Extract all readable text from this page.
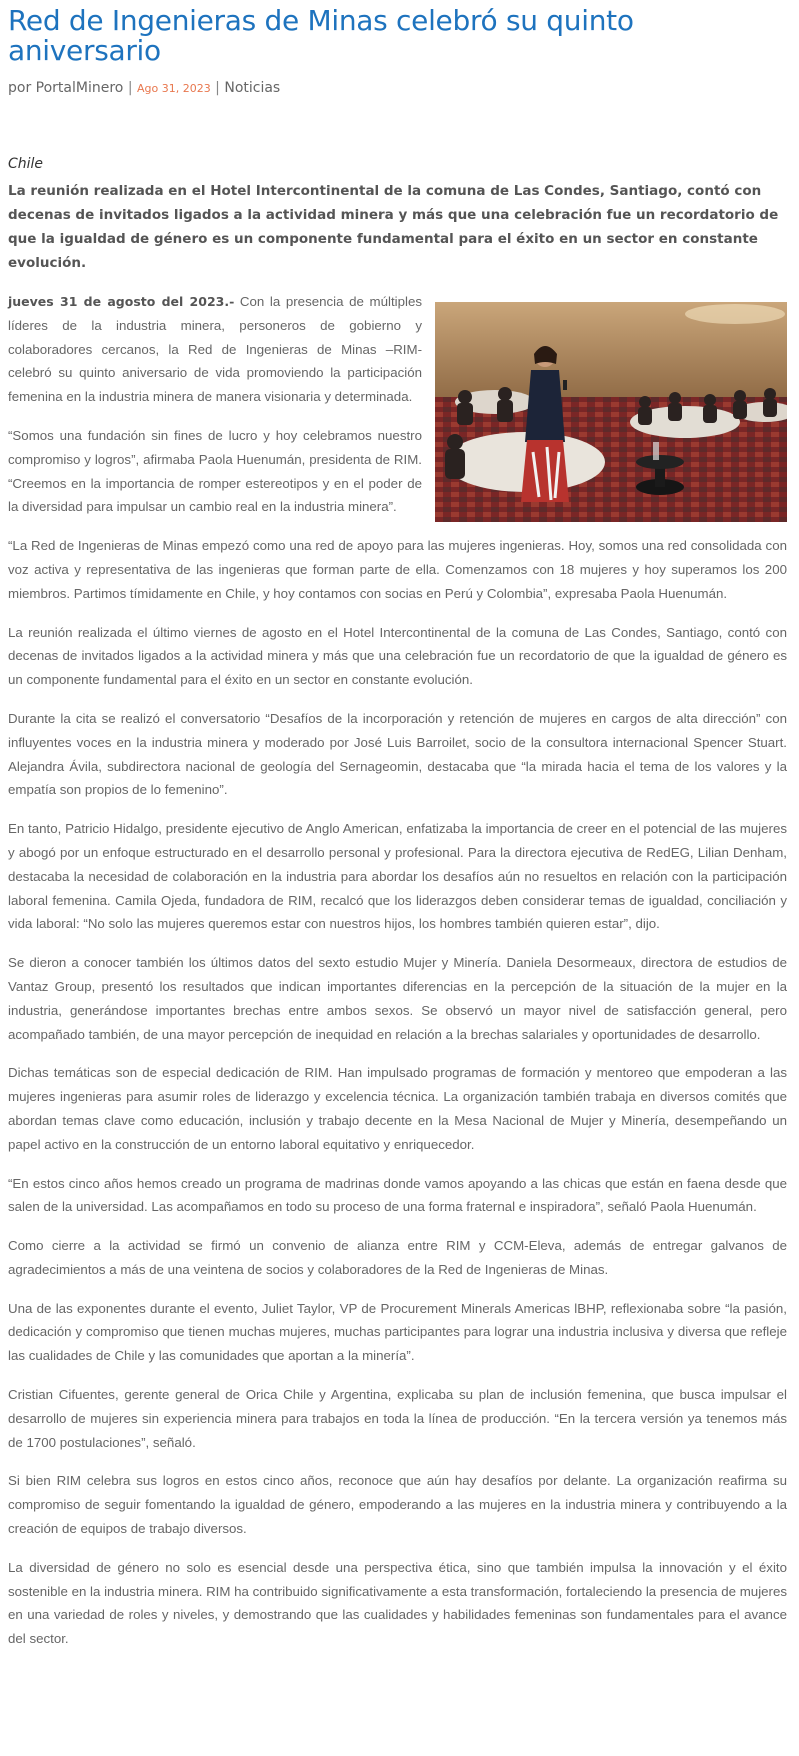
Red de Ingenieras de Minas celebró su quinto aniversario
por PortalMinero | Ago 31, 2023 | Noticias
Chile
La reunión realizada en el Hotel Intercontinental de la comuna de Las Condes, Santiago, contó con decenas de invitados ligados a la actividad minera y más que una celebración fue un recordatorio de que la igualdad de género es un componente fundamental para el éxito en un sector en constante evolución.

jueves 31 de agosto del 2023.- Con la presencia de múltiples líderes de la industria minera, personeros de gobierno y colaboradores cercanos, la Red de Ingenieras de Minas –RIM- celebró su quinto aniversario de vida promoviendo la participación femenina en la industria minera de manera visionaria y determinada.

“Somos una fundación sin fines de lucro y hoy celebramos nuestro compromiso y logros”, afirmaba Paola Huenumán, presidenta de RIM. “Creemos en la importancia de romper estereotipos y en el poder de la diversidad para impulsar un cambio real en la industria minera”.

“La Red de Ingenieras de Minas empezó como una red de apoyo para las mujeres ingenieras. Hoy, somos una red consolidada con voz activa y representativa de las ingenieras que forman parte de ella. Comenzamos con 18 mujeres y hoy superamos los 200 miembros. Partimos tímidamente en Chile, y hoy contamos con socias en Perú y Colombia”, expresaba Paola Huenumán.

La reunión realizada el último viernes de agosto en el Hotel Intercontinental de la comuna de Las Condes, Santiago, contó con decenas de invitados ligados a la actividad minera y más que una celebración fue un recordatorio de que la igualdad de género es un componente fundamental para el éxito en un sector en constante evolución.

Durante la cita se realizó el conversatorio “Desafíos de la incorporación y retención de mujeres en cargos de alta dirección” con influyentes voces en la industria minera y moderado por José Luis Barroilet, socio de la consultora internacional Spencer Stuart. Alejandra Ávila, subdirectora nacional de geología del Sernageomin, destacaba que “la mirada hacia el tema de los valores y la empatía son propios de lo femenino”.

En tanto, Patricio Hidalgo, presidente ejecutivo de Anglo American, enfatizaba la importancia de creer en el potencial de las mujeres y abogó por un enfoque estructurado en el desarrollo personal y profesional. Para la directora ejecutiva de RedEG, Lilian Denham, destacaba la necesidad de colaboración en la industria para abordar los desafíos aún no resueltos en relación con la participación laboral femenina. Camila Ojeda, fundadora de RIM, recalcó que los liderazgos deben considerar temas de igualdad, conciliación y vida laboral: “No solo las mujeres queremos estar con nuestros hijos, los hombres también quieren estar”, dijo.

Se dieron a conocer también los últimos datos del sexto estudio Mujer y Minería. Daniela Desormeaux, directora de estudios de Vantaz Group, presentó los resultados que indican importantes diferencias en la percepción de la situación de la mujer en la industria, generándose importantes brechas entre ambos sexos. Se observó un mayor nivel de satisfacción general, pero acompañado también, de una mayor percepción de inequidad en relación a la brechas salariales y oportunidades de desarrollo.

Dichas temáticas son de especial dedicación de RIM. Han impulsado programas de formación y mentoreo que empoderan a las mujeres ingenieras para asumir roles de liderazgo y excelencia técnica. La organización también trabaja en diversos comités que abordan temas clave como educación, inclusión y trabajo decente en la Mesa Nacional de Mujer y Minería, desempeñando un papel activo en la construcción de un entorno laboral equitativo y enriquecedor.

“En estos cinco años hemos creado un programa de madrinas donde vamos apoyando a las chicas que están en faena desde que salen de la universidad. Las acompañamos en todo su proceso de una forma fraternal e inspiradora”, señaló Paola Huenumán.

Como cierre a la actividad se firmó un convenio de alianza entre RIM y CCM-Eleva, además de entregar galvanos de agradecimientos a más de una veintena de socios y colaboradores de la Red de Ingenieras de Minas.

Una de las exponentes durante el evento, Juliet Taylor, VP de Procurement Minerals Americas lBHP, reflexionaba sobre “la pasión, dedicación y compromiso que tienen muchas mujeres, muchas participantes para lograr una industria inclusiva y diversa que refleje las cualidades de Chile y las comunidades que aportan a la minería”.

Cristian Cifuentes, gerente general de Orica Chile y Argentina, explicaba su plan de inclusión femenina, que busca impulsar el desarrollo de mujeres sin experiencia minera para trabajos en toda la línea de producción. “En la tercera versión ya tenemos más de 1700 postulaciones”, señaló.

Si bien RIM celebra sus logros en estos cinco años, reconoce que aún hay desafíos por delante. La organización reafirma su compromiso de seguir fomentando la igualdad de género, empoderando a las mujeres en la industria minera y contribuyendo a la creación de equipos de trabajo diversos.

La diversidad de género no solo es esencial desde una perspectiva ética, sino que también impulsa la innovación y el éxito sostenible en la industria minera. RIM ha contribuido significativamente a esta transformación, fortaleciendo la presencia de mujeres en una variedad de roles y niveles, y demostrando que las cualidades y habilidades femeninas son fundamentales para el avance del sector.
